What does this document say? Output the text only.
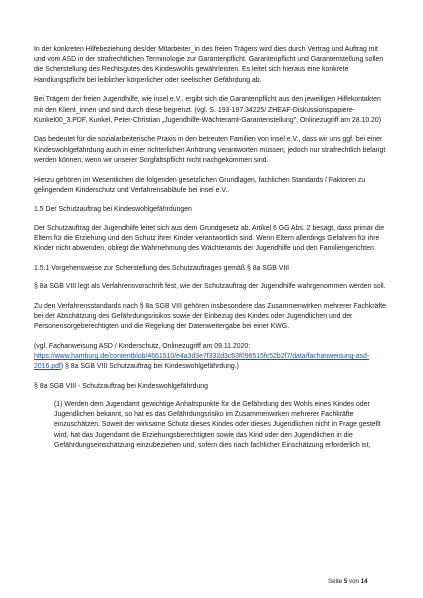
In der konkreten Hilfebeziehung des/der Mitarbeiter_in des freien Trägers wird dies durch Vertrag und Auftrag mit und vom ASD in der strafrechtlichen Terminologie zur Garantenpflicht. Garantenpflicht und Garantenstellung sollen die Scherstellung des Rechtsgutes des Kindeswohls gewährleisten. Es leitet sich hieraus eine konkrete Handlungspflicht bei leiblicher körperlicher oder seelischer Gefährdung ab.

Bei Trägern der freien Jugendhilfe, wie insel e.V., ergibt sich die Garantenpflicht aus den jeweiligen Hilfekontakten mit den Klient_innen und sind durch diese begrenzt. (vgl. S. 193-197.34225/ ZHEAF-Diskussionspapiere-Kunkel00_3.PDF, Kunkel, Peter-Christian „Jugendhilfe-Wächteramt-Garantenstellung", Onlinezugriff am 28.10.20)

Das bedeutet für die sozialarbeiterische Praxis in den betreuten Familien von insel e.V., dass wir uns ggf. bei einer Kindeswohlgefährdung auch in einer richterlichen Anhörung verantworten müssen, jedoch nur strafrechtlich belangt werden können, wenn wir unserer Sorgfaltspflicht nicht nachgekommen sind.

Hierzu gehören im Wesentlichen die folgenden gesetzlichen Grundlagen, fachlichen Standards / Faktoren zu gelingendem Kinderschutz und Verfahrensabläufe bei insel e.V..

1.5 Der Schutzauftrag bei Kindeswohlgefährdungen

Der Schutzauftrag der Jugendhilfe leitet sich aus dem Grundgesetz ab. Artikel 6 GG Abs. 2 besagt, dass primär die Eltern für die Erziehung und den Schutz ihrer Kinder verantwortlich sind. Wenn Eltern allerdings Gefahren für ihre Kinder nicht abwenden, obliegt die Wahrnehmung des Wächteramts der Jugendhilfe und den Familiengerichten.

1.5.1 Vorgehensweise zur Scherstellung des Schutzauftrages gemäß § 8a SGB VIII

§ 8a SGB VIII legt als Verfahrensvorschrift fest, wie der Schutzauftrag der Jugendhilfe wahrgenommen werden soll.

Zu den Verfahrensstandards nach § 8a SGB VIII gehören insbesondere das Zusammenwirken mehrerer Fachkräfte bei der Abschätzung des Gefährdungsrisikos sowie der Einbezug des Kindes oder Jugendlichen und der Personensorgeberechtigten und die Regelung der Datenweitergabe bei einer KWG.

(vgl. Fachanweisung ASD / Kinderschutz, Onlinezugriff am 09.11.2020: https://www.hamburg.de/contentblob/4661510/e4a3d3e7f332d3c63f096515fc52b2f7/data/fachanweisung-asd-2016.pdf) § 8a SGB VIII Schutzauftrag bei Kindeswohlgefährdung.)

§ 8a SGB VIII - Schutzauftrag bei Kindeswohlgefährdung

(1) Werden dem Jugendamt gewichtige Anhaltspunkte für die Gefährdung des Wohls eines Kindes oder Jugendlichen bekannt, so hat es das Gefährdungsrisiko im Zusammenwirken mehrerer Fachkräfte einzuschätzen. Soweit der wirksame Schutz dieses Kindes oder dieses Jugendlichen nicht in Frage gestellt wird, hat das Jugendamt die Erziehungsberechtigten sowie das Kind oder den Jugendlichen in die Gefährdungseinschätzung einzubeziehen und, sofern dies nach fachlicher Einschätzung erforderlich ist,

Seite 5 von 14
